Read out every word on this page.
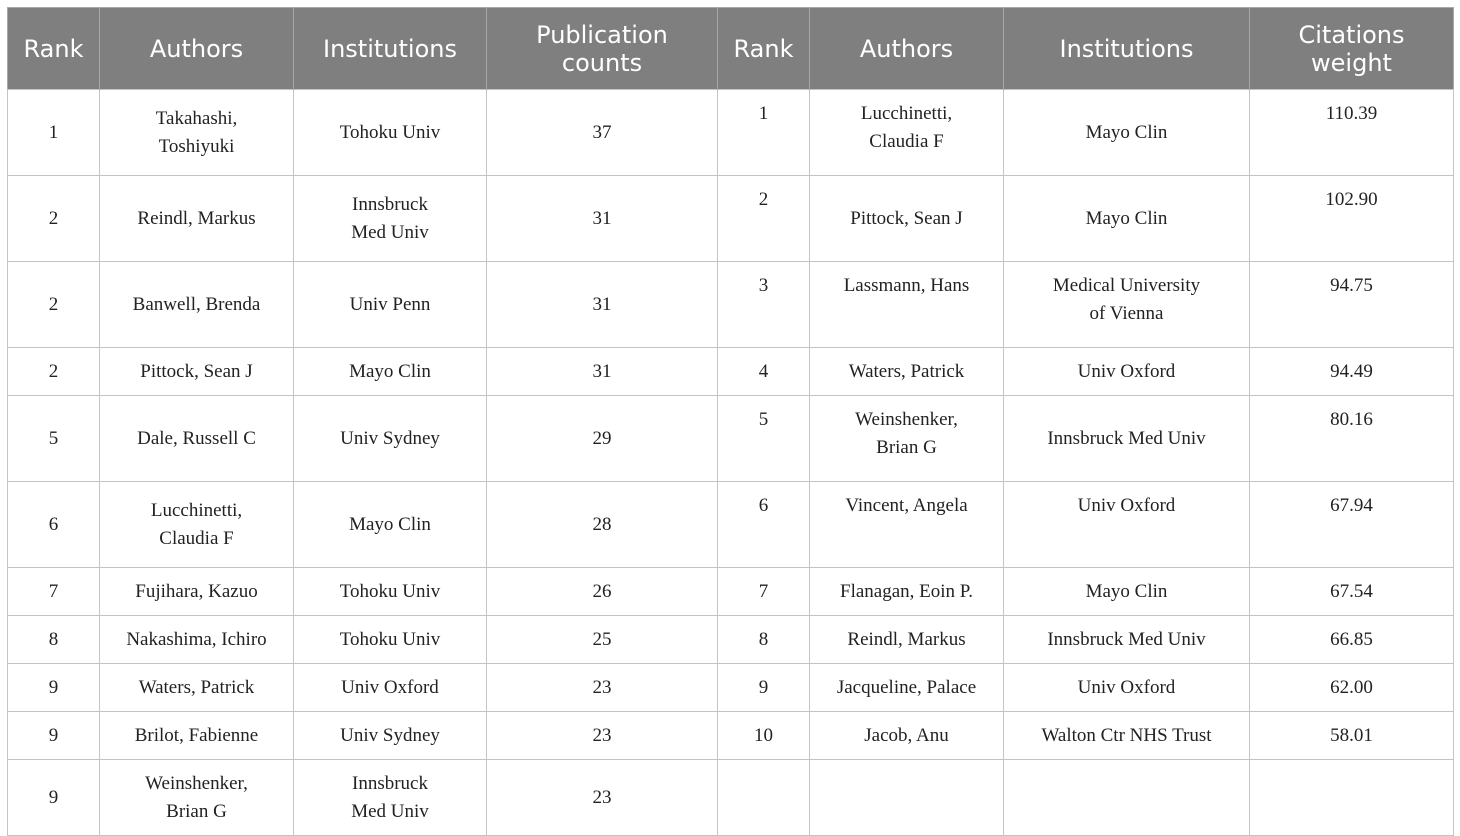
Rank	Authors	Institutions	Publication counts	Rank	Authors	Institutions	Citations weight
1	Takahashi, Toshiyuki	Tohoku Univ	37	1	Lucchinetti, Claudia F	Mayo Clin	110.39
2	Reindl, Markus	Innsbruck Med Univ	31	2	Pittock, Sean J	Mayo Clin	102.90
2	Banwell, Brenda	Univ Penn	31	3	Lassmann, Hans	Medical University of Vienna	94.75
2	Pittock, Sean J	Mayo Clin	31	4	Waters, Patrick	Univ Oxford	94.49
5	Dale, Russell C	Univ Sydney	29	5	Weinshenker, Brian G	Innsbruck Med Univ	80.16
6	Lucchinetti, Claudia F	Mayo Clin	28	6	Vincent, Angela	Univ Oxford	67.94
7	Fujihara, Kazuo	Tohoku Univ	26	7	Flanagan, Eoin P.	Mayo Clin	67.54
8	Nakashima, Ichiro	Tohoku Univ	25	8	Reindl, Markus	Innsbruck Med Univ	66.85
9	Waters, Patrick	Univ Oxford	23	9	Jacqueline, Palace	Univ Oxford	62.00
9	Brilot, Fabienne	Univ Sydney	23	10	Jacob, Anu	Walton Ctr NHS Trust	58.01
9	Weinshenker, Brian G	Innsbruck Med Univ	23				
